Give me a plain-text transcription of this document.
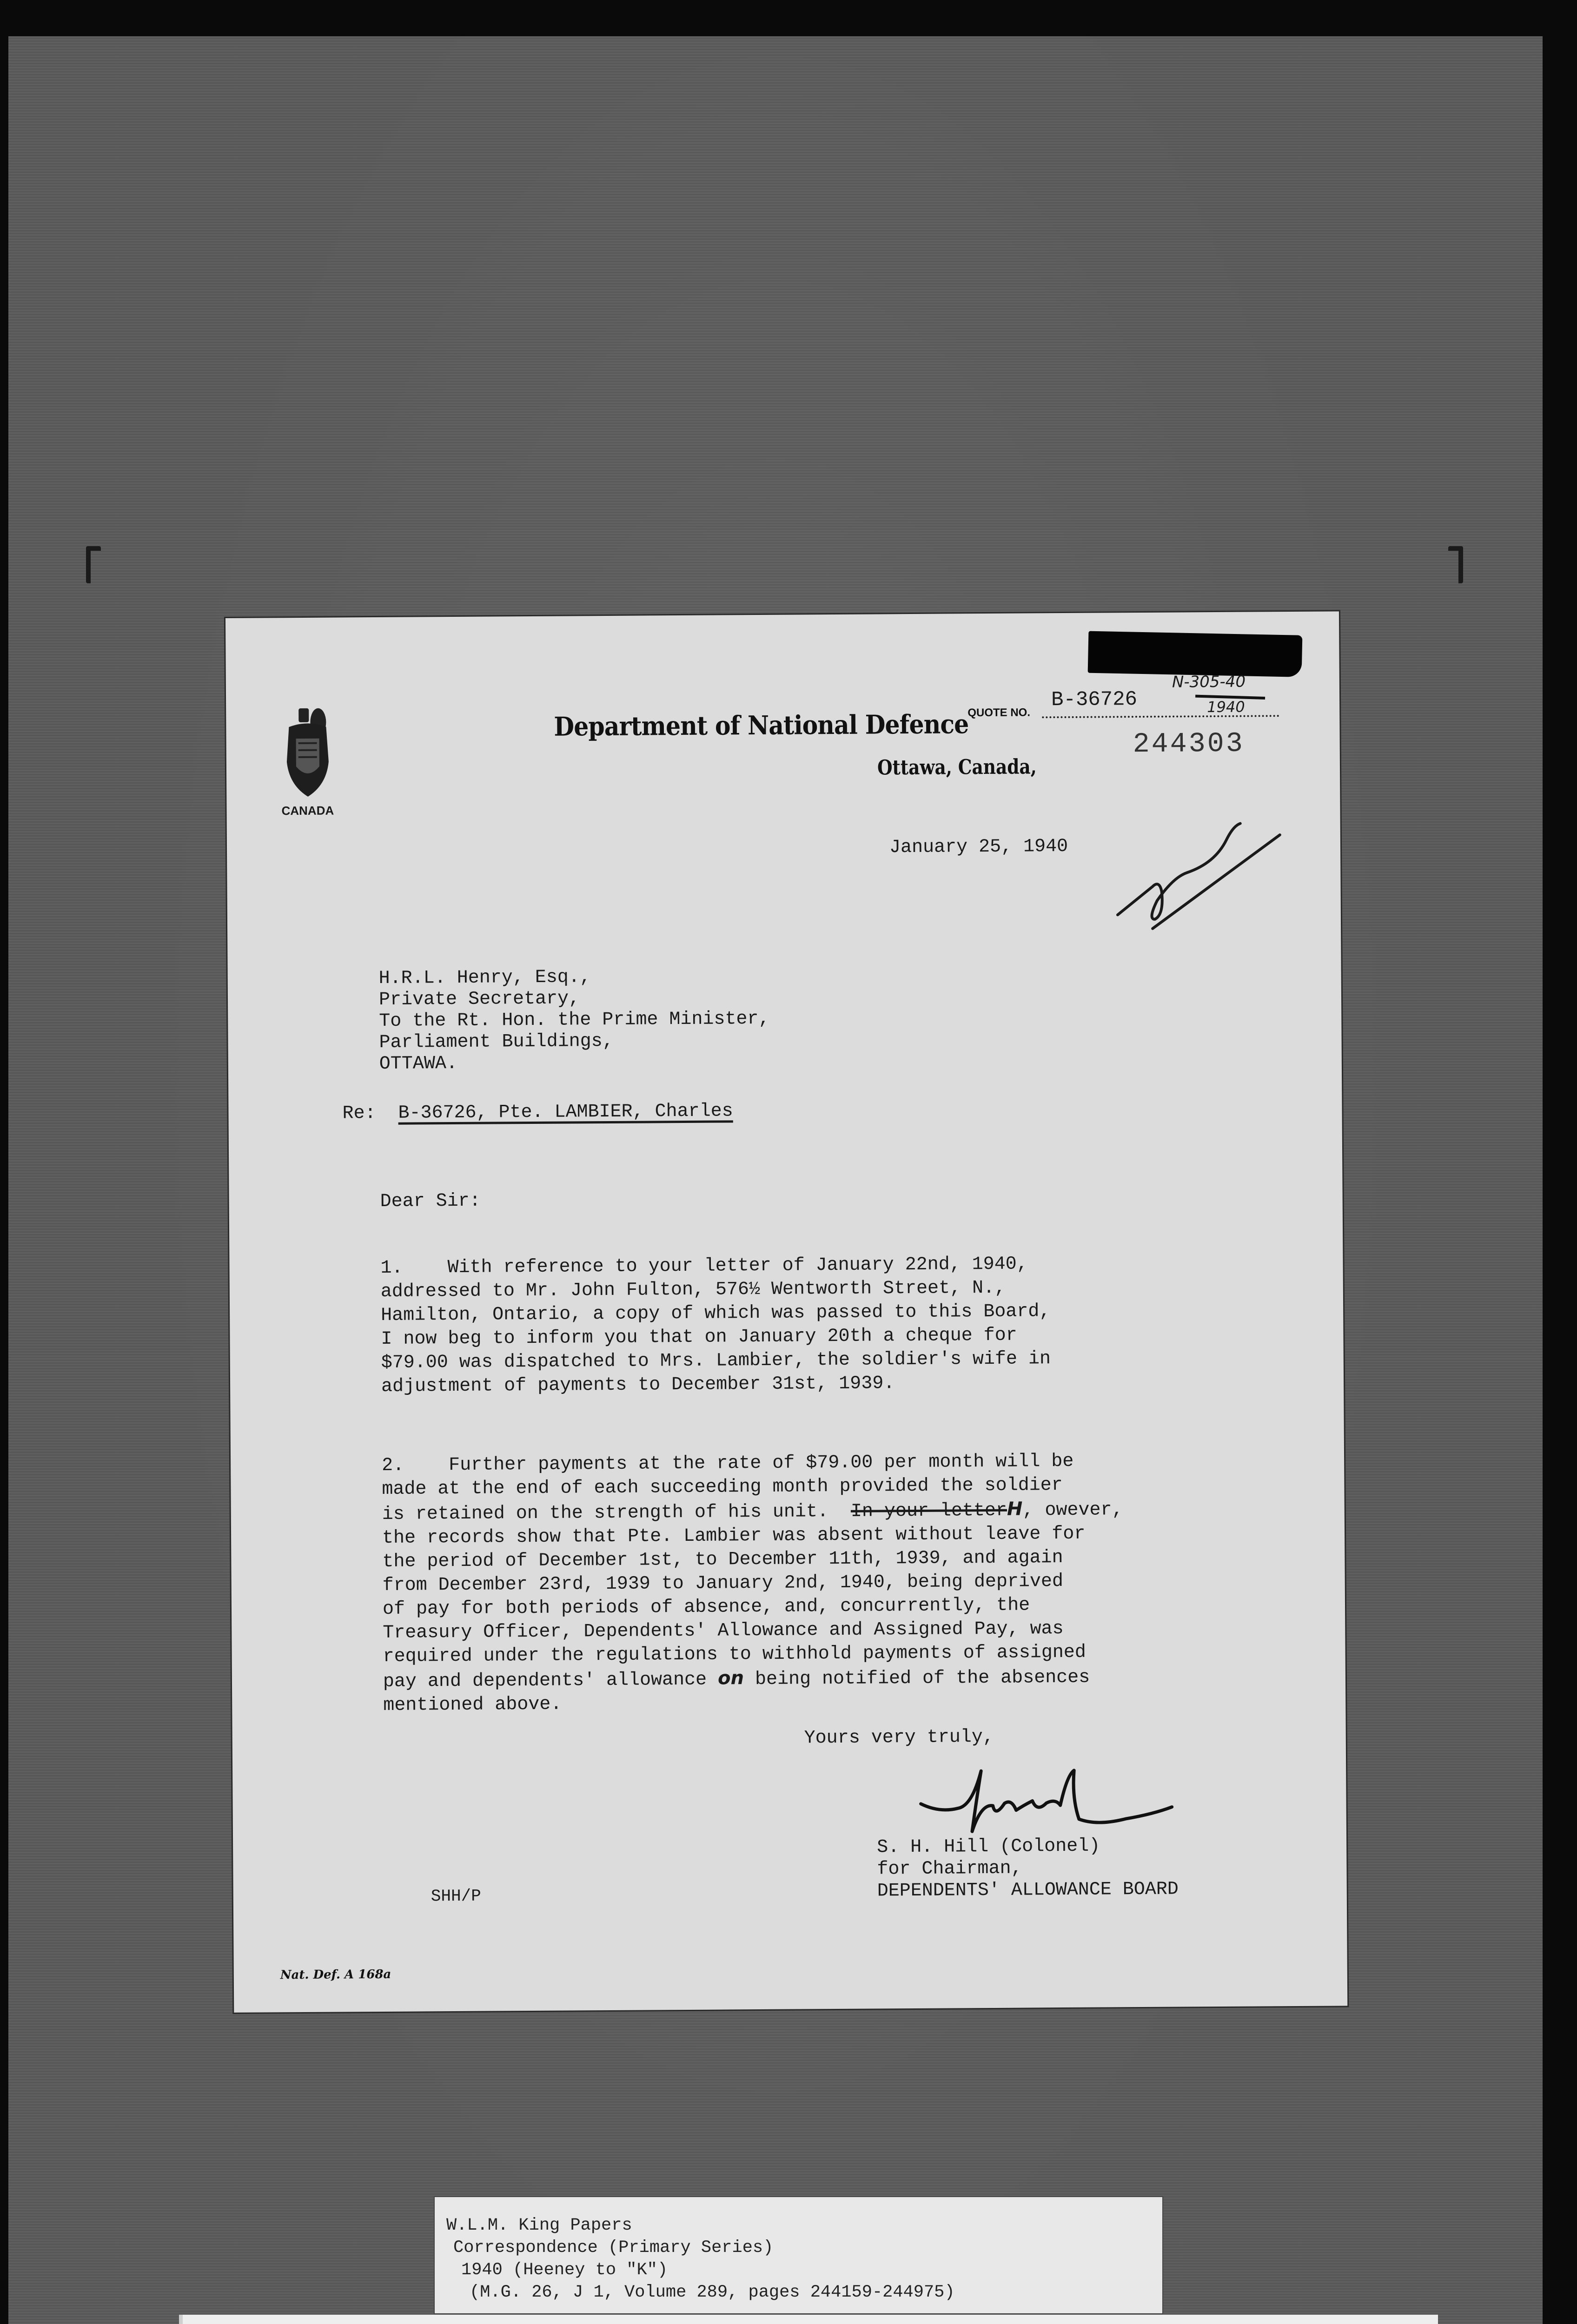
CANADA
Department of National Defence
Ottawa, Canada,
QUOTE NO.
B-36726
N-305-40
1940
244303
January 25, 1940
H.R.L. Henry, Esq.,
Private Secretary,
To the Rt. Hon. the Prime Minister,
Parliament Buildings,
OTTAWA.
Re: B-36726, Pte. LAMBIER, Charles
Dear Sir:
1. With reference to your letter of January 22nd, 1940,
addressed to Mr. John Fulton, 576½ Wentworth Street, N.,
Hamilton, Ontario, a copy of which was passed to this Board,
I now beg to inform you that on January 20th a cheque for
$79.00 was dispatched to Mrs. Lambier, the soldier's wife in
adjustment of payments to December 31st, 1939.
2. Further payments at the rate of $79.00 per month will be
made at the end of each succeeding month provided the soldier
is retained on the strength of his unit.  In your letterH, owever,
the records show that Pte. Lambier was absent without leave for
the period of December 1st, to December 11th, 1939, and again
from December 23rd, 1939 to January 2nd, 1940, being deprived
of pay for both periods of absence, and, concurrently, the
Treasury Officer, Dependents' Allowance and Assigned Pay, was
required under the regulations to withhold payments of assigned
pay and dependents' allowance on being notified of the absences
mentioned above.
Yours very truly,
S. H. Hill (Colonel)
for Chairman,
DEPENDENTS' ALLOWANCE BOARD
SHH/P
Nat. Def. A 168a
W.L.M. King Papers
Correspondence (Primary Series)
1940 (Heeney to "K")
(M.G. 26, J 1, Volume 289, pages 244159-244975)
